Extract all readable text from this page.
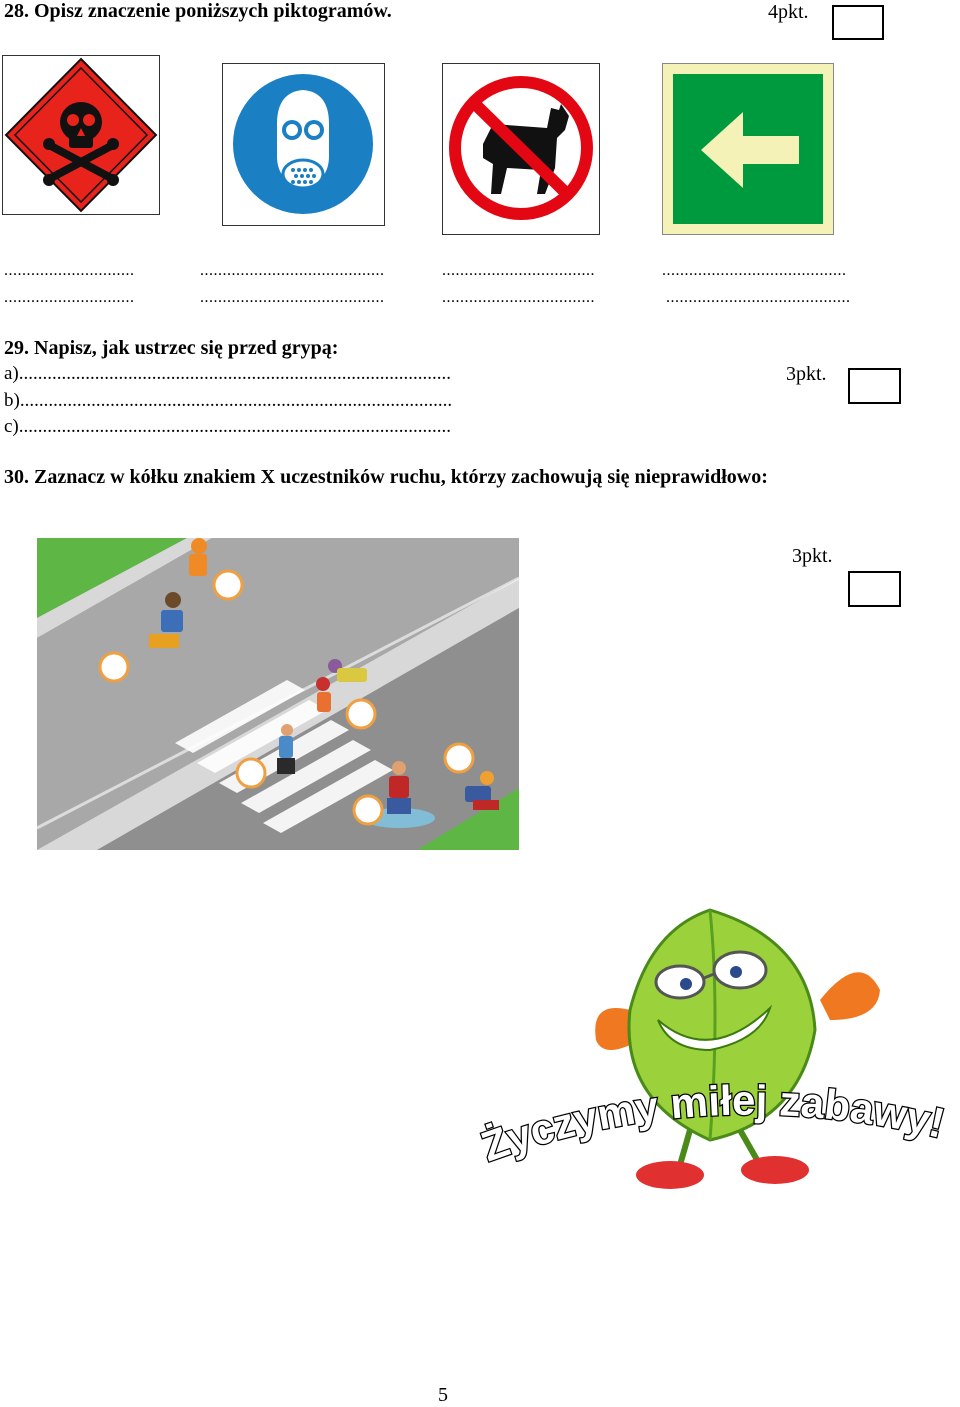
28. Opisz znaczenie poniższych piktogramów.	4pkt.
.............................	.........................................	..................................	.........................................
.............................	.........................................	..................................	.........................................
29. Napisz, jak ustrzec się przed grypą:
a)...........................................................................................
b)...........................................................................................
c)...........................................................................................
3pkt.
30. Zaznacz w kółku znakiem X uczestników ruchu, którzy zachowują się nieprawidłowo:
3pkt.
Życzymy miłej zabawy!
5
